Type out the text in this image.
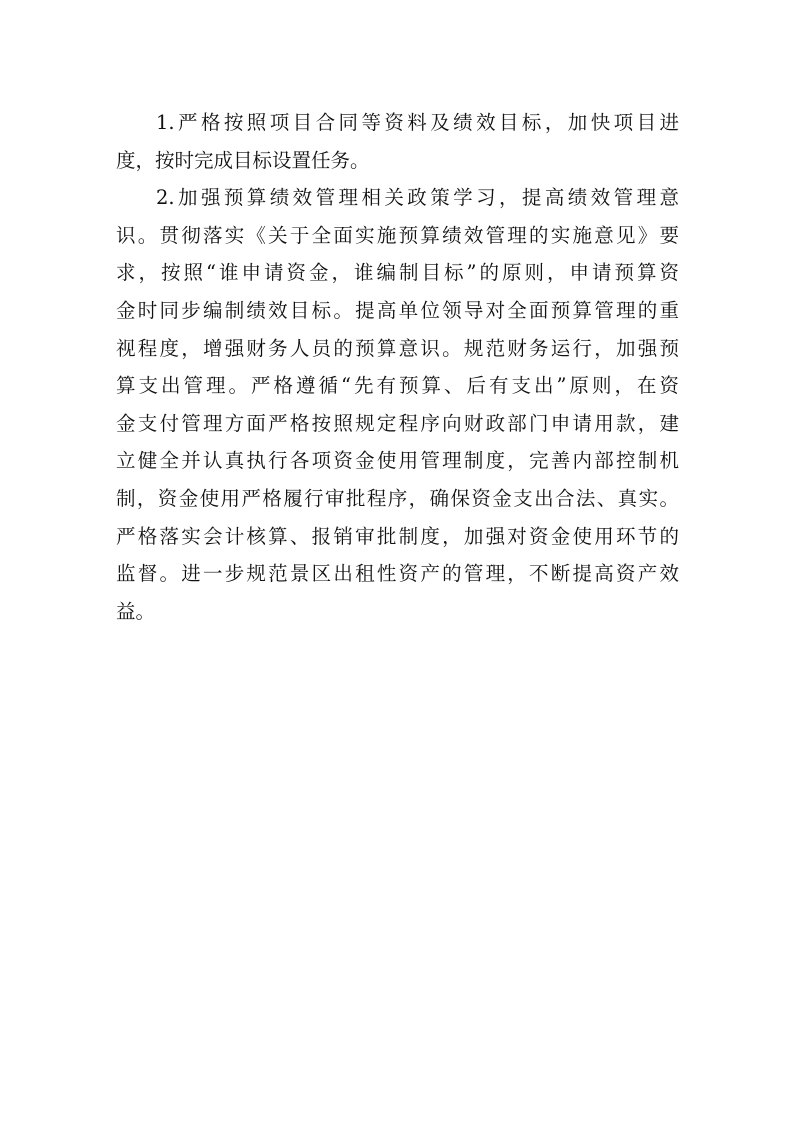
1.严格按照项目合同等资料及绩效目标，加快项目进
度，按时完成目标设置任务。
2.加强预算绩效管理相关政策学习，提高绩效管理意
识。贯彻落实《关于全面实施预算绩效管理的实施意见》要
求，按照“谁申请资金，谁编制目标”的原则，申请预算资
金时同步编制绩效目标。提高单位领导对全面预算管理的重
视程度，增强财务人员的预算意识。规范财务运行，加强预
算支出管理。严格遵循“先有预算、后有支出”原则，在资
金支付管理方面严格按照规定程序向财政部门申请用款，建
立健全并认真执行各项资金使用管理制度，完善内部控制机
制，资金使用严格履行审批程序，确保资金支出合法、真实。
严格落实会计核算、报销审批制度，加强对资金使用环节的
监督。进一步规范景区出租性资产的管理，不断提高资产效
益。
